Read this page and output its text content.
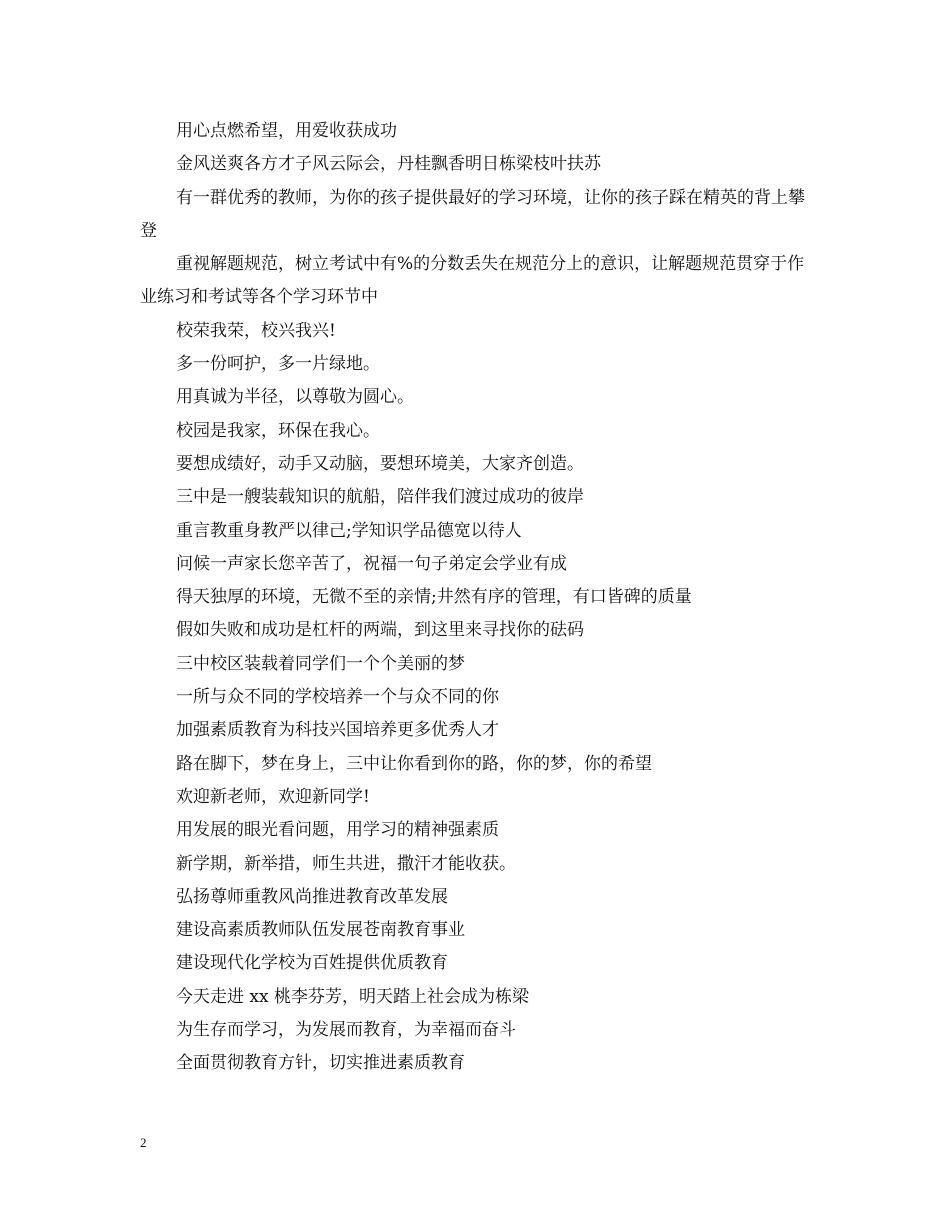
用心点燃希望，用爱收获成功

金风送爽各方才子风云际会，丹桂飘香明日栋梁枝叶扶苏

有一群优秀的教师，为你的孩子提供最好的学习环境，让你的孩子踩在精英的背上攀登

重视解题规范，树立考试中有%的分数丢失在规范分上的意识，让解题规范贯穿于作业练习和考试等各个学习环节中

校荣我荣，校兴我兴!

多一份呵护，多一片绿地。

用真诚为半径，以尊敬为圆心。

校园是我家，环保在我心。

要想成绩好，动手又动脑，要想环境美，大家齐创造。

三中是一艘装载知识的航船，陪伴我们渡过成功的彼岸

重言教重身教严以律己;学知识学品德宽以待人

问候一声家长您辛苦了，祝福一句子弟定会学业有成

得天独厚的环境，无微不至的亲情;井然有序的管理，有口皆碑的质量

假如失败和成功是杠杆的两端，到这里来寻找你的砝码

三中校区装载着同学们一个个美丽的梦

一所与众不同的学校培养一个与众不同的你

加强素质教育为科技兴国培养更多优秀人才

路在脚下，梦在身上，三中让你看到你的路，你的梦，你的希望

欢迎新老师，欢迎新同学!

用发展的眼光看问题，用学习的精神强素质

新学期，新举措，师生共进，撒汗才能收获。

弘扬尊师重教风尚推进教育改革发展

建设高素质教师队伍发展苍南教育事业

建设现代化学校为百姓提供优质教育

今天走进 xx 桃李芬芳，明天踏上社会成为栋梁

为生存而学习，为发展而教育，为幸福而奋斗

全面贯彻教育方针，切实推进素质教育

2
